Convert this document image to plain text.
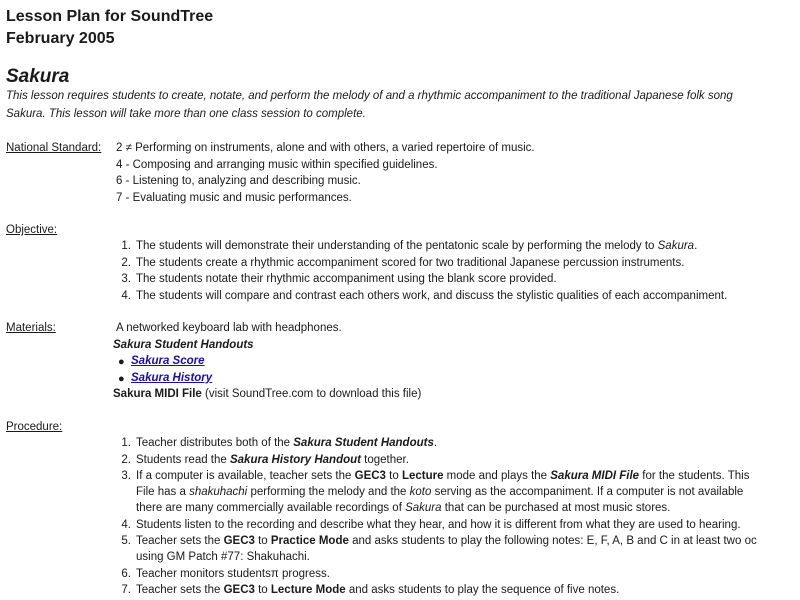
Lesson Plan for SoundTree
February 2005
Sakura
This lesson requires students to create, notate, and perform the melody of and a rhythmic accompaniment to the traditional Japanese folk song
Sakura. This lesson will take more than one class session to complete.
National Standard: 2 ≠ Performing on instruments, alone and with others, a varied repertoire of music.
4 - Composing and arranging music within specified guidelines.
6 - Listening to, analyzing and describing music.
7 - Evaluating music and music performances.
Objective:
1. The students will demonstrate their understanding of the pentatonic scale by performing the melody to Sakura.
2. The students create a rhythmic accompaniment scored for two traditional Japanese percussion instruments.
3. The students notate their rhythmic accompaniment using the blank score provided.
4. The students will compare and contrast each others work, and discuss the stylistic qualities of each accompaniment.
Materials:	A networked keyboard lab with headphones.
Sakura Student Handouts
● Sakura Score
● Sakura History
Sakura MIDI File (visit SoundTree.com to download this file)
Procedure:
1. Teacher distributes both of the Sakura Student Handouts.
2. Students read the Sakura History Handout together.
3. If a computer is available, teacher sets the GEC3 to Lecture mode and plays the Sakura MIDI File for the students. This
File has a shakuhachi performing the melody and the koto serving as the accompaniment. If a computer is not available
there are many commercially available recordings of Sakura that can be purchased at most music stores.
4. Students listen to the recording and describe what they hear, and how it is different from what they are used to hearing.
5. Teacher sets the GEC3 to Practice Mode and asks students to play the following notes: E, F, A, B and C in at least two oc
using GM Patch #77: Shakuhachi.
6. Teacher monitors studentsπ progress.
7. Teacher sets the GEC3 to Lecture Mode and asks students to play the sequence of five notes.
